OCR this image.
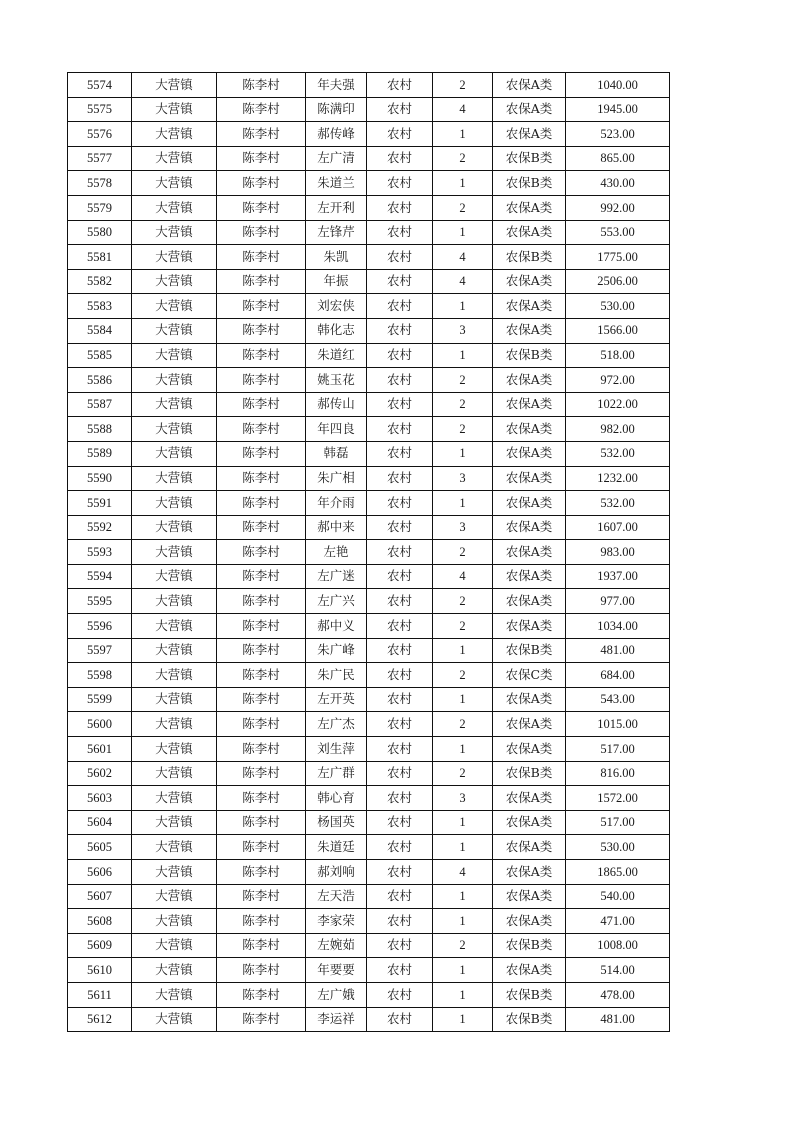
5574	大营镇	陈李村	年夫强	农村	2	农保A类	1040.00
5575	大营镇	陈李村	陈满印	农村	4	农保A类	1945.00
5576	大营镇	陈李村	郝传峰	农村	1	农保A类	523.00
5577	大营镇	陈李村	左广清	农村	2	农保B类	865.00
5578	大营镇	陈李村	朱道兰	农村	1	农保B类	430.00
5579	大营镇	陈李村	左开利	农村	2	农保A类	992.00
5580	大营镇	陈李村	左锋芹	农村	1	农保A类	553.00
5581	大营镇	陈李村	朱凯	农村	4	农保B类	1775.00
5582	大营镇	陈李村	年振	农村	4	农保A类	2506.00
5583	大营镇	陈李村	刘宏侠	农村	1	农保A类	530.00
5584	大营镇	陈李村	韩化志	农村	3	农保A类	1566.00
5585	大营镇	陈李村	朱道红	农村	1	农保B类	518.00
5586	大营镇	陈李村	姚玉花	农村	2	农保A类	972.00
5587	大营镇	陈李村	郝传山	农村	2	农保A类	1022.00
5588	大营镇	陈李村	年四良	农村	2	农保A类	982.00
5589	大营镇	陈李村	韩磊	农村	1	农保A类	532.00
5590	大营镇	陈李村	朱广相	农村	3	农保A类	1232.00
5591	大营镇	陈李村	年介雨	农村	1	农保A类	532.00
5592	大营镇	陈李村	郝中来	农村	3	农保A类	1607.00
5593	大营镇	陈李村	左艳	农村	2	农保A类	983.00
5594	大营镇	陈李村	左广迷	农村	4	农保A类	1937.00
5595	大营镇	陈李村	左广兴	农村	2	农保A类	977.00
5596	大营镇	陈李村	郝中义	农村	2	农保A类	1034.00
5597	大营镇	陈李村	朱广峰	农村	1	农保B类	481.00
5598	大营镇	陈李村	朱广民	农村	2	农保C类	684.00
5599	大营镇	陈李村	左开英	农村	1	农保A类	543.00
5600	大营镇	陈李村	左广杰	农村	2	农保A类	1015.00
5601	大营镇	陈李村	刘生萍	农村	1	农保A类	517.00
5602	大营镇	陈李村	左广群	农村	2	农保B类	816.00
5603	大营镇	陈李村	韩心育	农村	3	农保A类	1572.00
5604	大营镇	陈李村	杨国英	农村	1	农保A类	517.00
5605	大营镇	陈李村	朱道廷	农村	1	农保A类	530.00
5606	大营镇	陈李村	郝刘响	农村	4	农保A类	1865.00
5607	大营镇	陈李村	左天浩	农村	1	农保A类	540.00
5608	大营镇	陈李村	李家荣	农村	1	农保A类	471.00
5609	大营镇	陈李村	左婉茹	农村	2	农保B类	1008.00
5610	大营镇	陈李村	年要要	农村	1	农保A类	514.00
5611	大营镇	陈李村	左广娥	农村	1	农保B类	478.00
5612	大营镇	陈李村	李运祥	农村	1	农保B类	481.00
